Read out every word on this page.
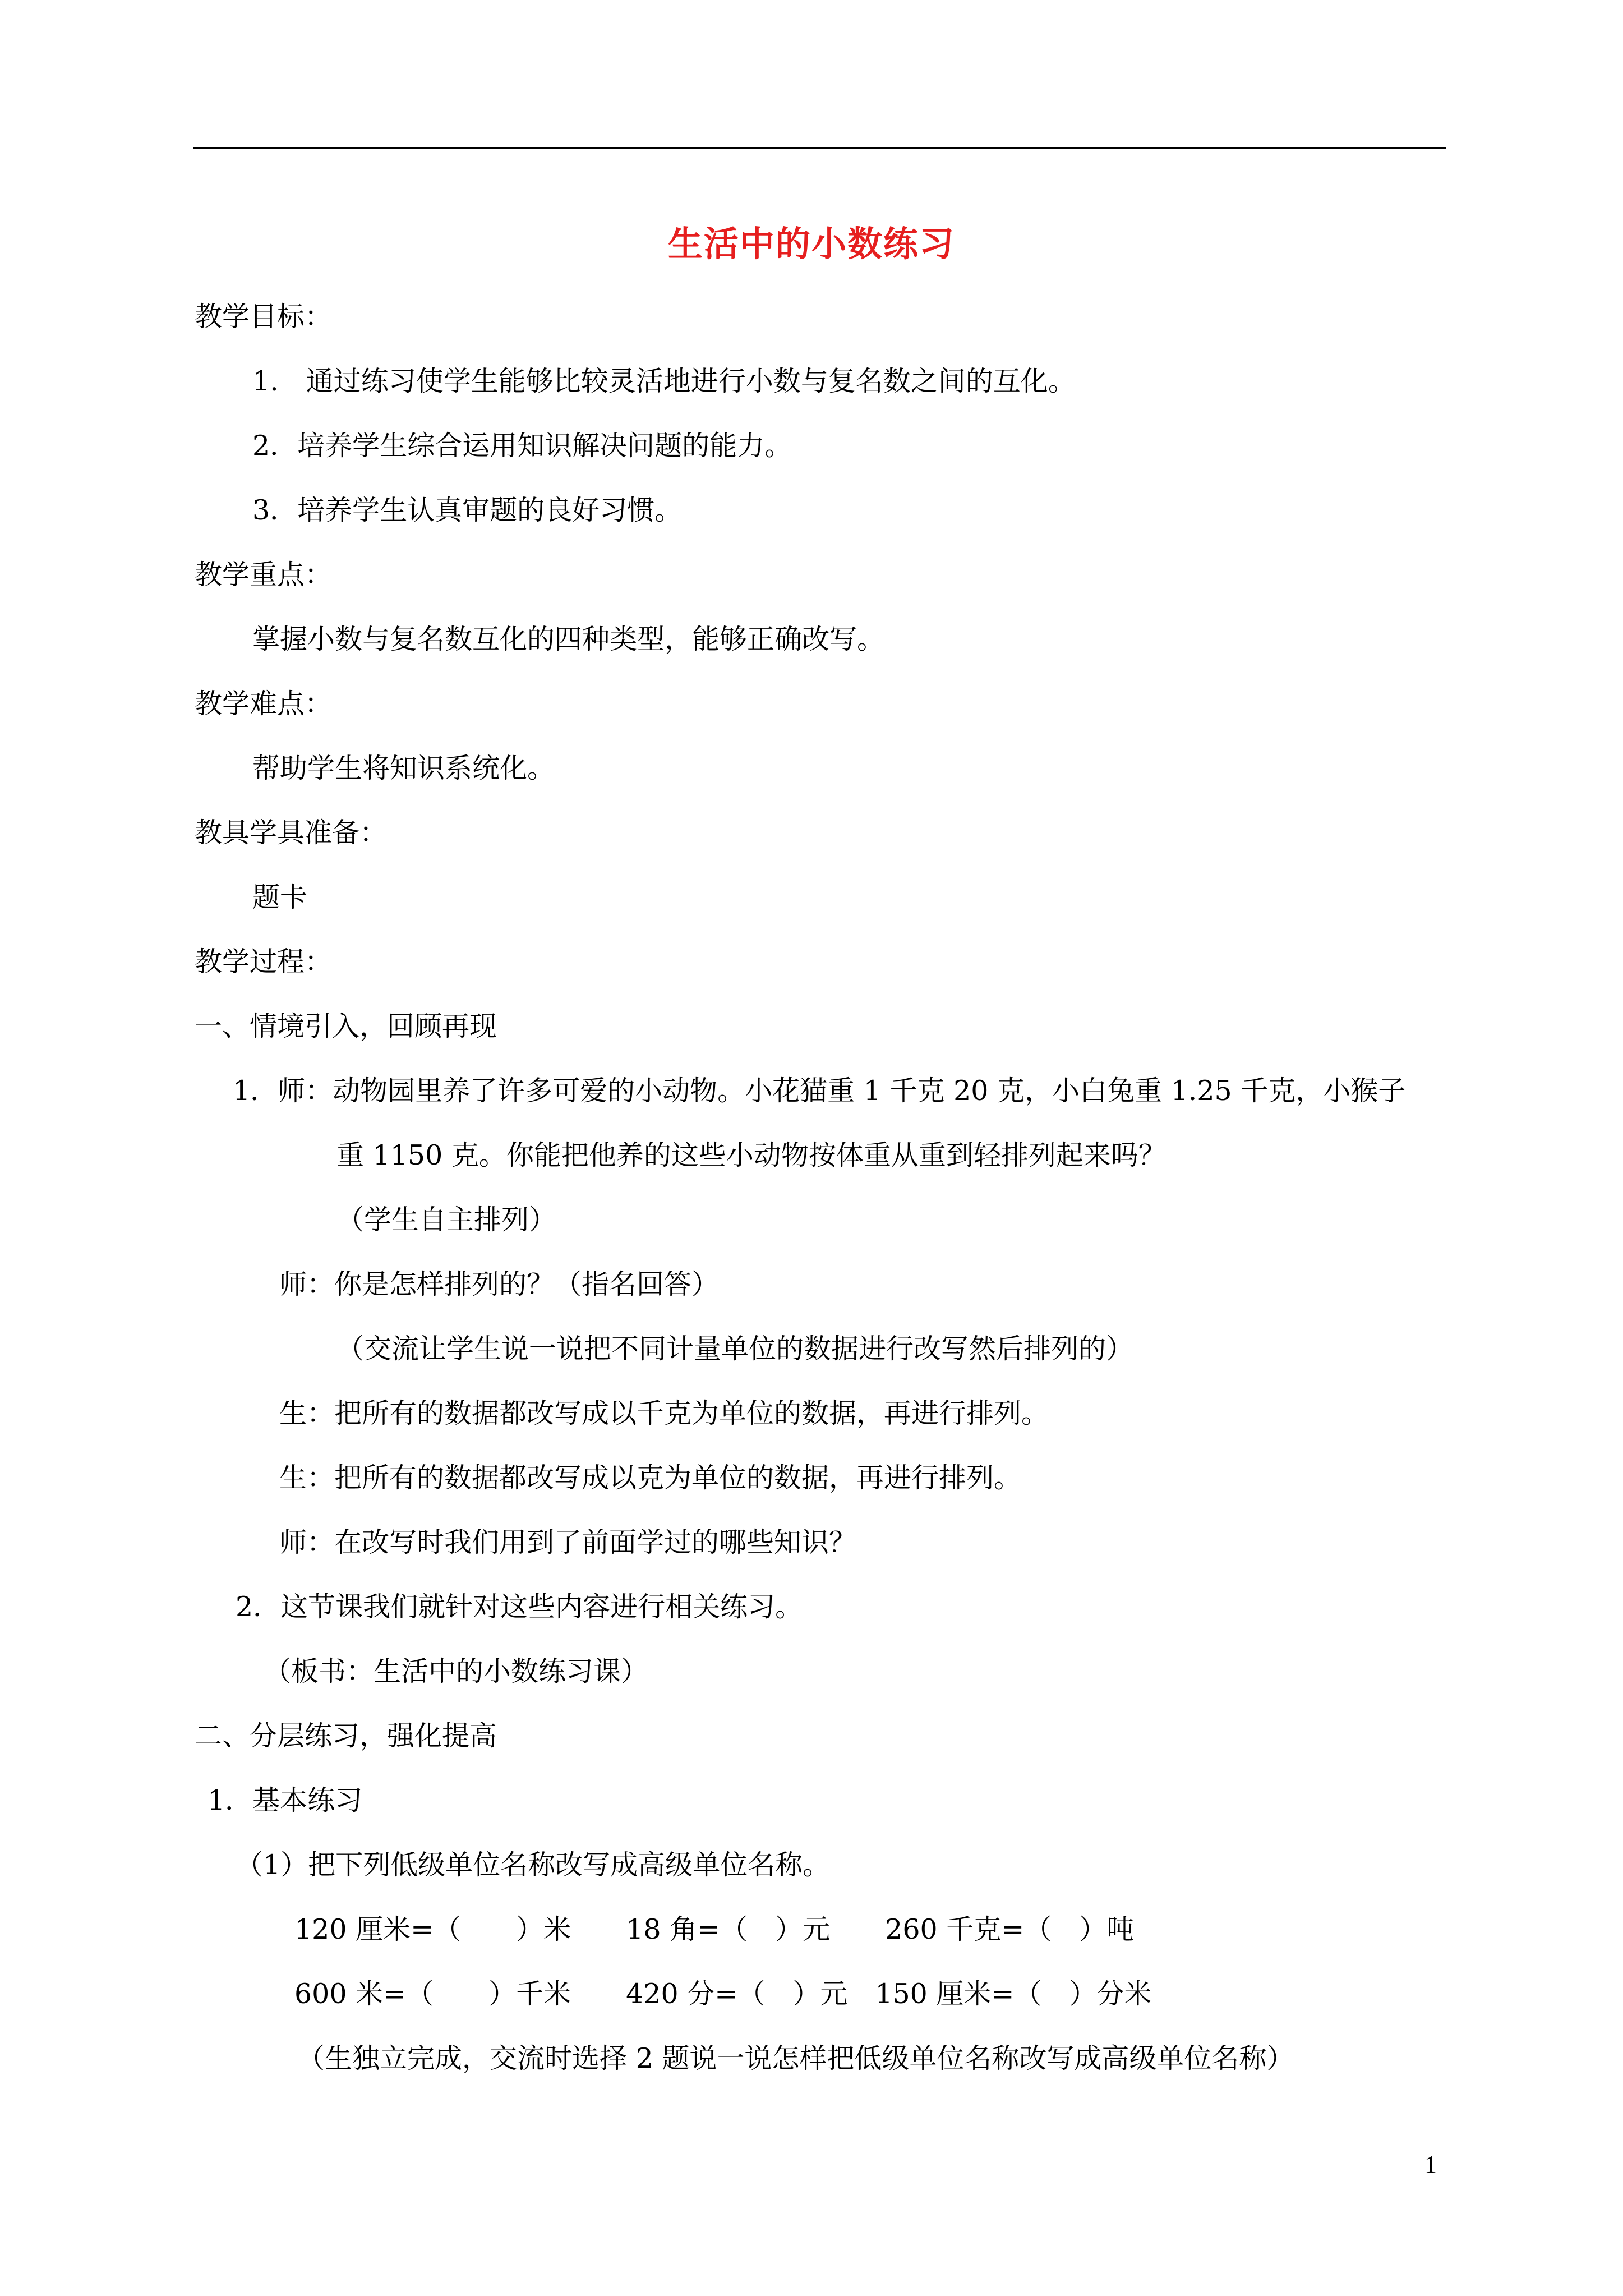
生活中的小数练习
教学目标：
1.　通过练习使学生能够比较灵活地进行小数与复名数之间的互化。
2．培养学生综合运用知识解决问题的能力。
3．培养学生认真审题的良好习惯。
教学重点：
掌握小数与复名数互化的四种类型，能够正确改写。
教学难点：
帮助学生将知识系统化。
教具学具准备：
题卡
教学过程：
一、情境引入，回顾再现
1．师：动物园里养了许多可爱的小动物。小花猫重 1 千克 20 克，小白兔重 1.25 千克，小猴子
重 1150 克。你能把他养的这些小动物按体重从重到轻排列起来吗？
（学生自主排列）
师：你是怎样排列的？（指名回答）
（交流让学生说一说把不同计量单位的数据进行改写然后排列的）
生：把所有的数据都改写成以千克为单位的数据，再进行排列。
生：把所有的数据都改写成以克为单位的数据，再进行排列。
师：在改写时我们用到了前面学过的哪些知识？
2．这节课我们就针对这些内容进行相关练习。
（板书：生活中的小数练习课）
二、分层练习，强化提高
1．基本练习
（1）把下列低级单位名称改写成高级单位名称。
120 厘米=（　　）米　　18 角=（　）元　　260 千克=（　）吨
600 米=（　　）千米　　420 分=（　）元　150 厘米=（　）分米
（生独立完成，交流时选择 2 题说一说怎样把低级单位名称改写成高级单位名称）
1
